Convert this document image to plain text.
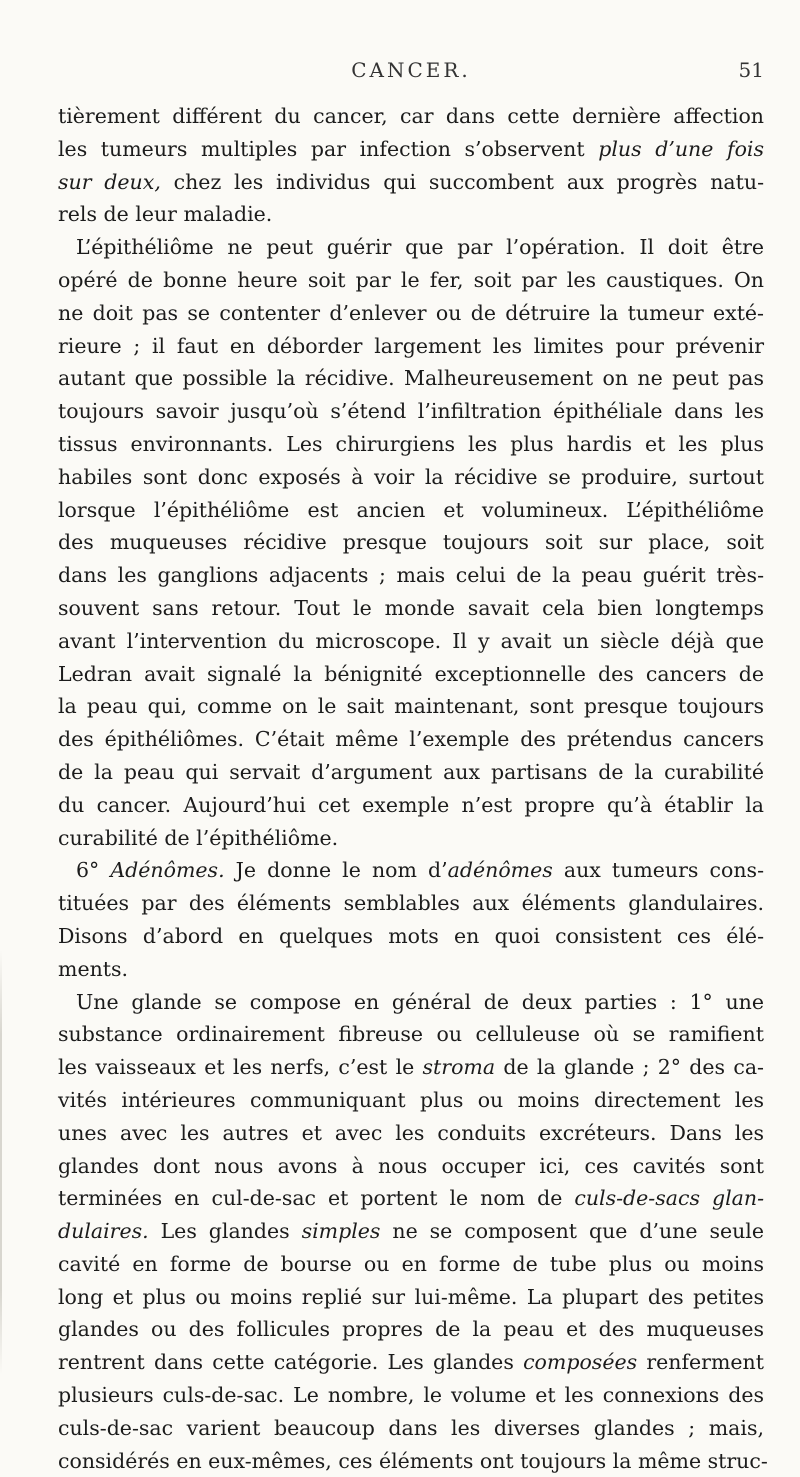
CANCER.	51
tièrement différent du cancer, car dans cette dernière affection
les tumeurs multiples par infection s’observent plus d’une fois
sur deux, chez les individus qui succombent aux progrès natu-
rels de leur maladie.
L’épithéliôme ne peut guérir que par l’opération. Il doit être
opéré de bonne heure soit par le fer, soit par les caustiques. On
ne doit pas se contenter d’enlever ou de détruire la tumeur exté-
rieure ; il faut en déborder largement les limites pour prévenir
autant que possible la récidive. Malheureusement on ne peut pas
toujours savoir jusqu’où s’étend l’infiltration épithéliale dans les
tissus environnants. Les chirurgiens les plus hardis et les plus
habiles sont donc exposés à voir la récidive se produire, surtout
lorsque l’épithéliôme est ancien et volumineux. L’épithéliôme
des muqueuses récidive presque toujours soit sur place, soit
dans les ganglions adjacents ; mais celui de la peau guérit très-
souvent sans retour. Tout le monde savait cela bien longtemps
avant l’intervention du microscope. Il y avait un siècle déjà que
Ledran avait signalé la bénignité exceptionnelle des cancers de
la peau qui, comme on le sait maintenant, sont presque toujours
des épithéliômes. C’était même l’exemple des prétendus cancers
de la peau qui servait d’argument aux partisans de la curabilité
du cancer. Aujourd’hui cet exemple n’est propre qu’à établir la
curabilité de l’épithéliôme.
6° Adénômes. Je donne le nom d’adénômes aux tumeurs cons-
tituées par des éléments semblables aux éléments glandulaires.
Disons d’abord en quelques mots en quoi consistent ces élé-
ments.
Une glande se compose en général de deux parties : 1° une
substance ordinairement fibreuse ou celluleuse où se ramifient
les vaisseaux et les nerfs, c’est le stroma de la glande ; 2° des ca-
vités intérieures communiquant plus ou moins directement les
unes avec les autres et avec les conduits excréteurs. Dans les
glandes dont nous avons à nous occuper ici, ces cavités sont
terminées en cul-de-sac et portent le nom de culs-de-sacs glan-
dulaires. Les glandes simples ne se composent que d’une seule
cavité en forme de bourse ou en forme de tube plus ou moins
long et plus ou moins replié sur lui-même. La plupart des petites
glandes ou des follicules propres de la peau et des muqueuses
rentrent dans cette catégorie. Les glandes composées renferment
plusieurs culs-de-sac. Le nombre, le volume et les connexions des
culs-de-sac varient beaucoup dans les diverses glandes ; mais,
considérés en eux-mêmes, ces éléments ont toujours la même struc-
